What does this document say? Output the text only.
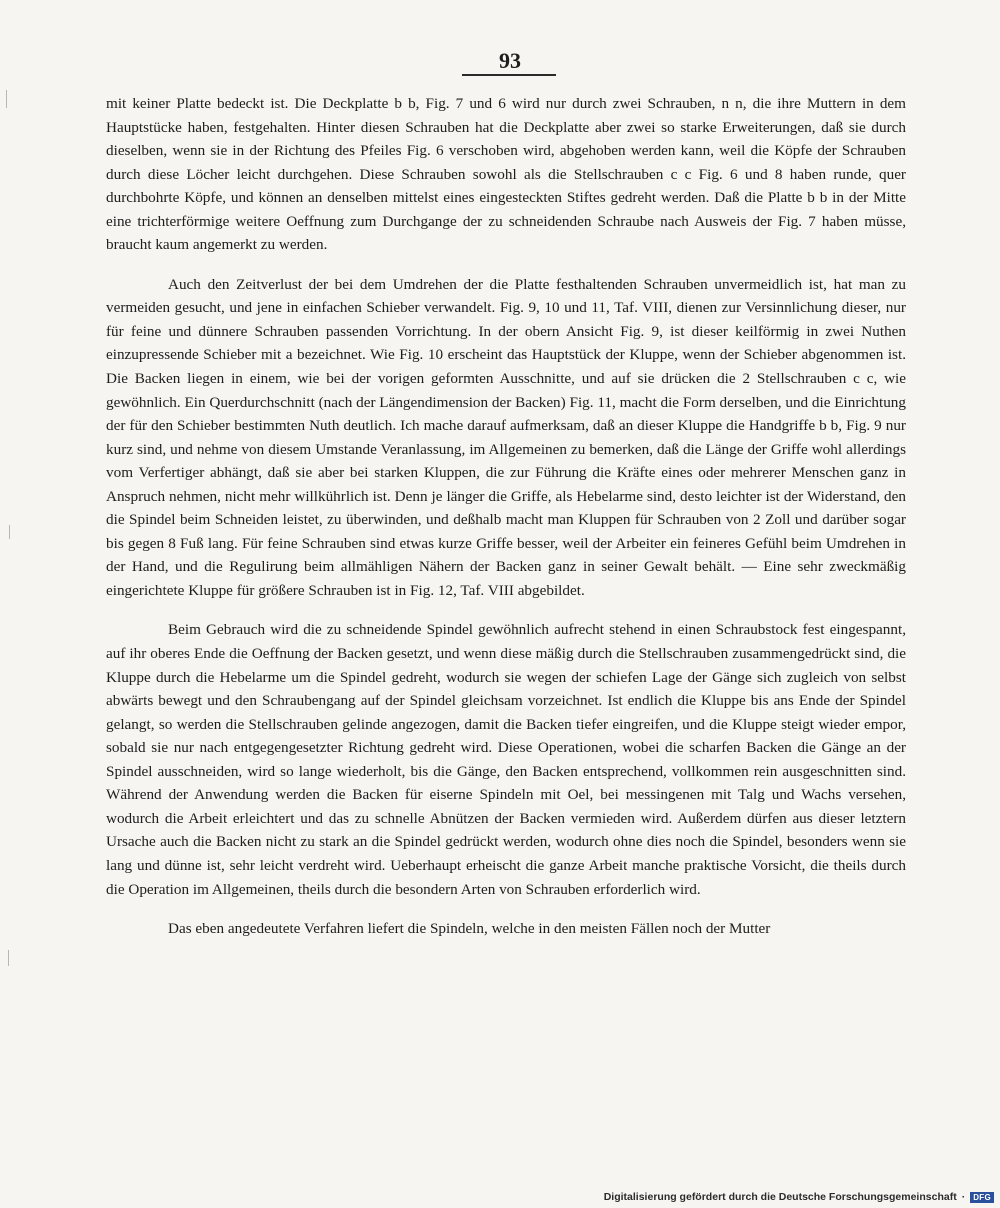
93

mit keiner Platte bedeckt ist. Die Deckplatte b b, Fig. 7 und 6 wird nur durch zwei Schrauben, n n, die ihre Muttern in dem Hauptstücke haben, festgehalten. Hinter diesen Schrauben hat die Deckplatte aber zwei so starke Erweiterungen, daß sie durch dieselben, wenn sie in der Richtung des Pfeiles Fig. 6 verschoben wird, abgehoben werden kann, weil die Köpfe der Schrauben durch diese Löcher leicht durchgehen. Diese Schrauben sowohl als die Stellschrauben c c Fig. 6 und 8 haben runde, quer durchbohrte Köpfe, und können an denselben mittelst eines eingesteckten Stiftes gedreht werden. Daß die Platte b b in der Mitte eine trichterförmige weitere Oeffnung zum Durchgange der zu schneidenden Schraube nach Ausweis der Fig. 7 haben müsse, braucht kaum angemerkt zu werden.

Auch den Zeitverlust der bei dem Umdrehen der die Platte festhaltenden Schrauben unvermeidlich ist, hat man zu vermeiden gesucht, und jene in einfachen Schieber verwandelt. Fig. 9, 10 und 11, Taf. VIII, dienen zur Versinnlichung dieser, nur für feine und dünnere Schrauben passenden Vorrichtung. In der obern Ansicht Fig. 9, ist dieser keilförmig in zwei Nuthen einzupressende Schieber mit a bezeichnet. Wie Fig. 10 erscheint das Hauptstück der Kluppe, wenn der Schieber abgenommen ist. Die Backen liegen in einem, wie bei der vorigen geformten Ausschnitte, und auf sie drücken die 2 Stellschrauben c c, wie gewöhnlich. Ein Querdurchschnitt (nach der Längendimension der Backen) Fig. 11, macht die Form derselben, und die Einrichtung der für den Schieber bestimmten Nuth deutlich. Ich mache darauf aufmerksam, daß an dieser Kluppe die Handgriffe b b, Fig. 9 nur kurz sind, und nehme von diesem Umstande Veranlassung, im Allgemeinen zu bemerken, daß die Länge der Griffe wohl allerdings vom Verfertiger abhängt, daß sie aber bei starken Kluppen, die zur Führung die Kräfte eines oder mehrerer Menschen ganz in Anspruch nehmen, nicht mehr willkührlich ist. Denn je länger die Griffe, als Hebelarme sind, desto leichter ist der Widerstand, den die Spindel beim Schneiden leistet, zu überwinden, und deßhalb macht man Kluppen für Schrauben von 2 Zoll und darüber sogar bis gegen 8 Fuß lang. Für feine Schrauben sind etwas kurze Griffe besser, weil der Arbeiter ein feineres Gefühl beim Umdrehen in der Hand, und die Regulirung beim allmähligen Nähern der Backen ganz in seiner Gewalt behält. — Eine sehr zweckmäßig eingerichtete Kluppe für größere Schrauben ist in Fig. 12, Taf. VIII abgebildet.

Beim Gebrauch wird die zu schneidende Spindel gewöhnlich aufrecht stehend in einen Schraubstock fest eingespannt, auf ihr oberes Ende die Oeffnung der Backen gesetzt, und wenn diese mäßig durch die Stellschrauben zusammengedrückt sind, die Kluppe durch die Hebelarme um die Spindel gedreht, wodurch sie wegen der schiefen Lage der Gänge sich zugleich von selbst abwärts bewegt und den Schraubengang auf der Spindel gleichsam vorzeichnet. Ist endlich die Kluppe bis ans Ende der Spindel gelangt, so werden die Stellschrauben gelinde angezogen, damit die Backen tiefer eingreifen, und die Kluppe steigt wieder empor, sobald sie nur nach entgegengesetzter Richtung gedreht wird. Diese Operationen, wobei die scharfen Backen die Gänge an der Spindel ausschneiden, wird so lange wiederholt, bis die Gänge, den Backen entsprechend, vollkommen rein ausgeschnitten sind. Während der Anwendung werden die Backen für eiserne Spindeln mit Oel, bei messingenen mit Talg und Wachs versehen, wodurch die Arbeit erleichtert und das zu schnelle Abnützen der Backen vermieden wird. Außerdem dürfen aus dieser letztern Ursache auch die Backen nicht zu stark an die Spindel gedrückt werden, wodurch ohne dies noch die Spindel, besonders wenn sie lang und dünne ist, sehr leicht verdreht wird. Ueberhaupt erheischt die ganze Arbeit manche praktische Vorsicht, die theils durch die Operation im Allgemeinen, theils durch die besondern Arten von Schrauben erforderlich wird.

Das eben angedeutete Verfahren liefert die Spindeln, welche in den meisten Fällen noch der Mutter

Digitalisierung gefördert durch die Deutsche Forschungsgemeinschaft ·	DFG
